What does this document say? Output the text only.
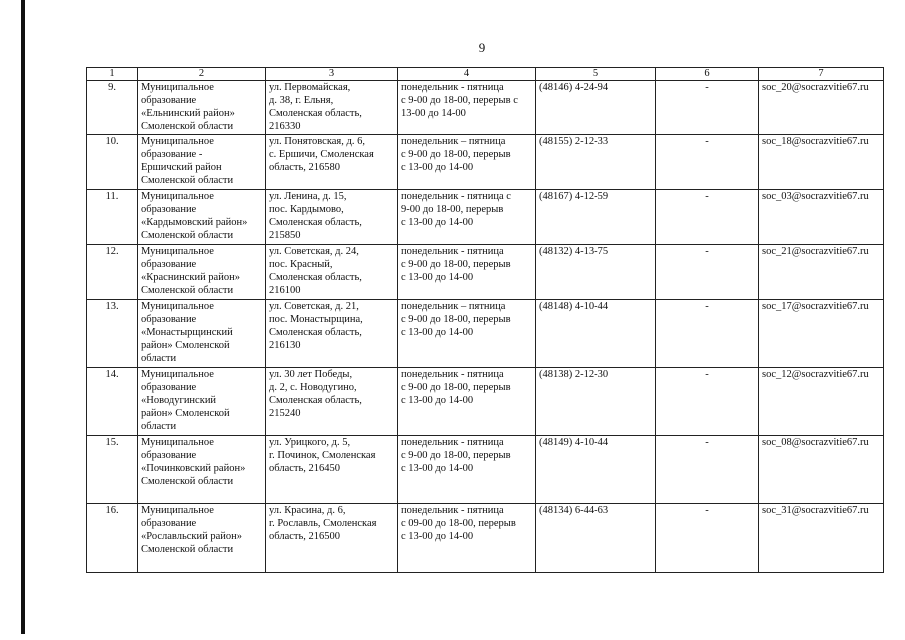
9
1	2	3	4	5	6	7
9.	Муниципальное
образование
«Ельнинский район»
Смоленской области	ул. Первомайская,
д. 38, г. Ельня,
Смоленская область,
216330	понедельник - пятница
с 9-00 до 18-00, перерыв с
13-00 до 14-00	(48146) 4-24-94	-	soc_20@socrazvitie67.ru
10.	Муниципальное
образование -
Ершичский район
Смоленской области	ул. Понятовская, д. 6,
с. Ершичи, Смоленская
область, 216580	понедельник – пятница
с 9-00 до 18-00, перерыв
с 13-00 до 14-00	(48155) 2-12-33	-	soc_18@socrazvitie67.ru
11.	Муниципальное
образование
«Кардымовский район»
Смоленской области	ул. Ленина, д. 15,
пос. Кардымово,
Смоленская область,
215850	понедельник - пятница с
9-00 до 18-00, перерыв
с 13-00 до 14-00	(48167) 4-12-59	-	soc_03@socrazvitie67.ru
12.	Муниципальное
образование
«Краснинский район»
Смоленской области	ул. Советская, д. 24,
пос. Красный,
Смоленская область,
216100	понедельник - пятница
с 9-00 до 18-00, перерыв
с 13-00 до 14-00	(48132) 4-13-75	-	soc_21@socrazvitie67.ru
13.	Муниципальное
образование
«Монастырщинский
район» Смоленской
области	ул. Советская, д. 21,
пос. Монастырщина,
Смоленская область,
216130	понедельник – пятница
с 9-00 до 18-00, перерыв
с 13-00 до 14-00	(48148) 4-10-44	-	soc_17@socrazvitie67.ru
14.	Муниципальное
образование
«Новодугинский
район» Смоленской
области	ул. 30 лет Победы,
д. 2, с. Новодугино,
Смоленская область,
215240	понедельник - пятница
с 9-00 до 18-00, перерыв
с 13-00 до 14-00	(48138) 2-12-30	-	soc_12@socrazvitie67.ru
15.	Муниципальное
образование
«Починковский район»
Смоленской области	ул. Урицкого, д. 5,
г. Починок, Смоленская
область, 216450	понедельник - пятница
с 9-00 до 18-00, перерыв
с 13-00 до 14-00	(48149) 4-10-44	-	soc_08@socrazvitie67.ru
16.	Муниципальное
образование
«Рославльский район»
Смоленской области	ул. Красина, д. 6,
г. Рославль, Смоленская
область, 216500	понедельник - пятница
с 09-00 до 18-00, перерыв
с 13-00 до 14-00	(48134) 6-44-63	-	soc_31@socrazvitie67.ru
